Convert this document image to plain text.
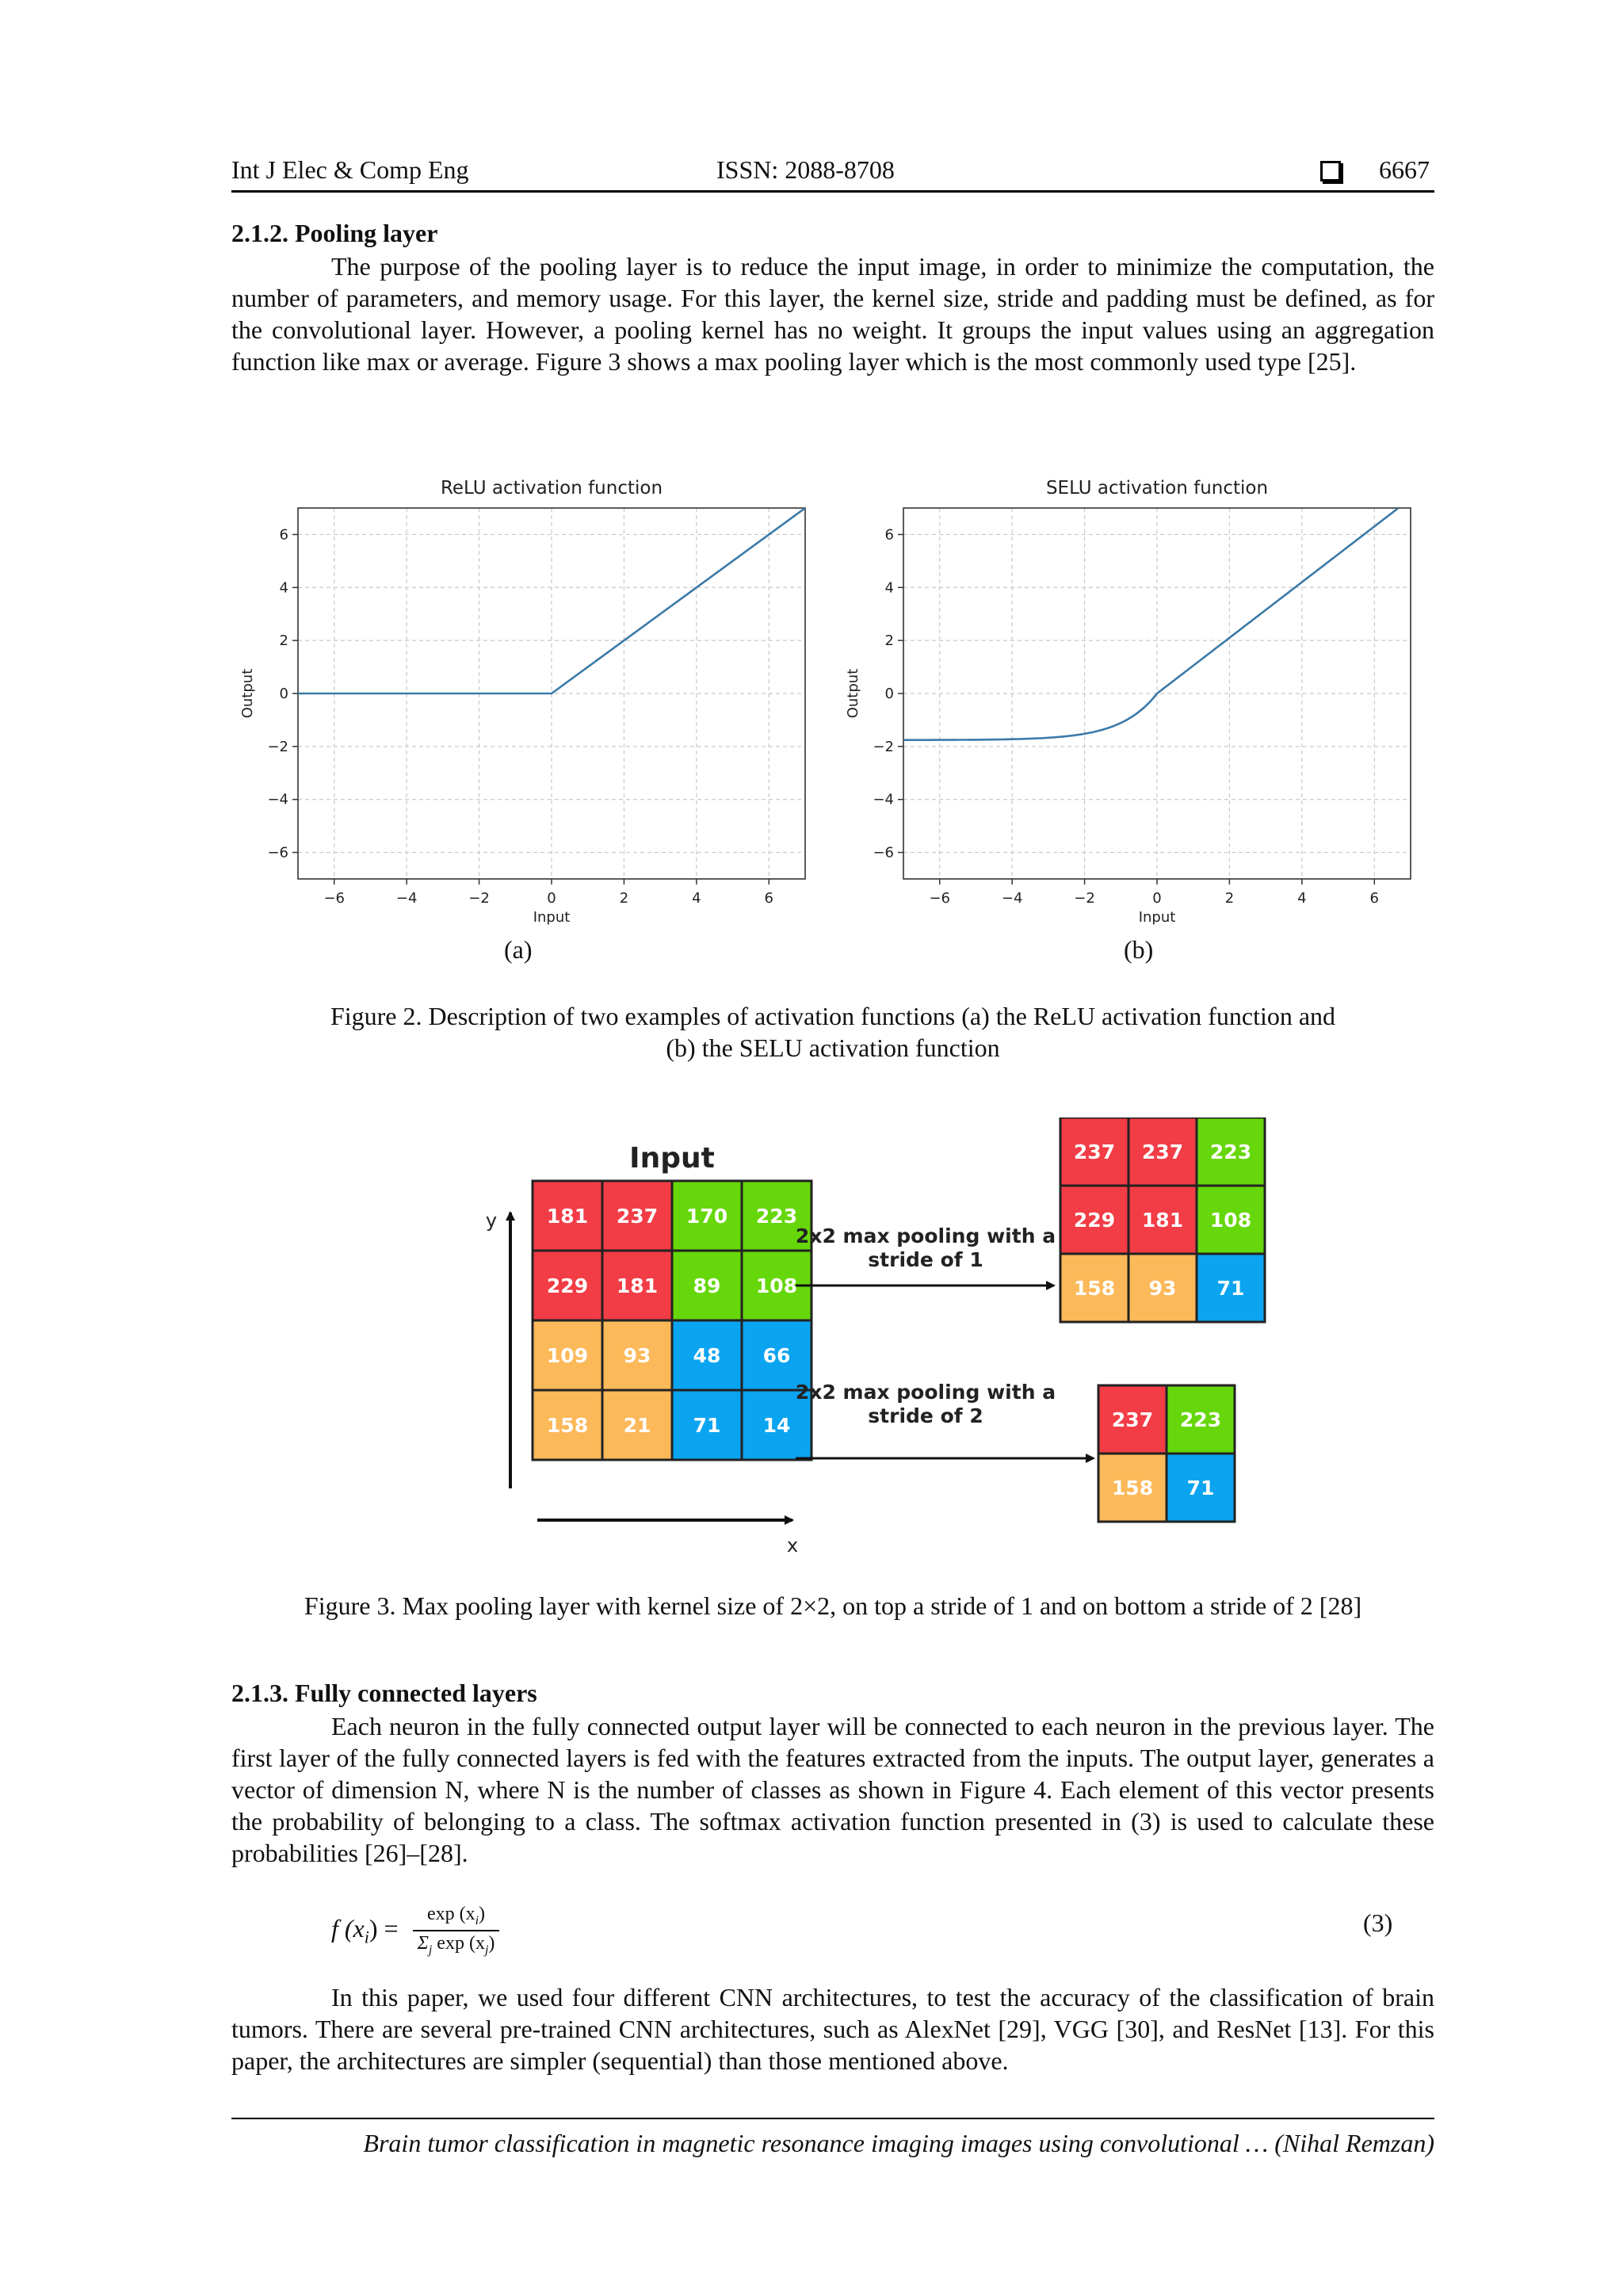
Int J Elec & Comp Eng	ISSN: 2088-8708	6667
2.1.2. Pooling layer

The purpose of the pooling layer is to reduce the input image, in order to minimize the computation, the number of parameters, and memory usage. For this layer, the kernel size, stride and padding must be defined, as for the convolutional layer. However, a pooling kernel has no weight. It groups the input values using an aggregation function like max or average. Figure 3 shows a max pooling layer which is the most commonly used type [25].

ReLU activation function
−6	−4	−2	0	2	4	6
−6
−4
−2
0
2
4
6
Input
Output
SELU activation function
−6	−4	−2	0	2	4	6
−6
−4
−2
0
2
4
6
Input
Output
(a)	(b)
Figure 2. Description of two examples of activation functions (a) the ReLU activation function and
(b) the SELU activation function
Input
y
x
181 237 170 223
229 181 89 108
109 93 48 66
158 21 71 14
237 237 223
229 181 108
158 93 71
237 223
158 71
2x2 max pooling with a
stride of 1
2x2 max pooling with a
stride of 2
Figure 3. Max pooling layer with kernel size of 2×2, on top a stride of 1 and on bottom a stride of 2 [28]
2.1.3. Fully connected layers

Each neuron in the fully connected output layer will be connected to each neuron in the previous layer. The first layer of the fully connected layers is fed with the features extracted from the inputs. The output layer, generates a vector of dimension N, where N is the number of classes as shown in Figure 4. Each element of this vector presents the probability of belonging to a class. The softmax activation function presented in (3) is used to calculate these probabilities [26]–[28].

f $(x_i) = \frac{\exp (x_i)}{\Sigma_j \exp (x_j)}$	(3)

In this paper, we used four different CNN architectures, to test the accuracy of the classification of brain tumors. There are several pre-trained CNN architectures, such as AlexNet [29], VGG [30], and ResNet [13]. For this paper, the architectures are simpler (sequential) than those mentioned above.

Brain tumor classification in magnetic resonance imaging images using convolutional … (Nihal Remzan)
